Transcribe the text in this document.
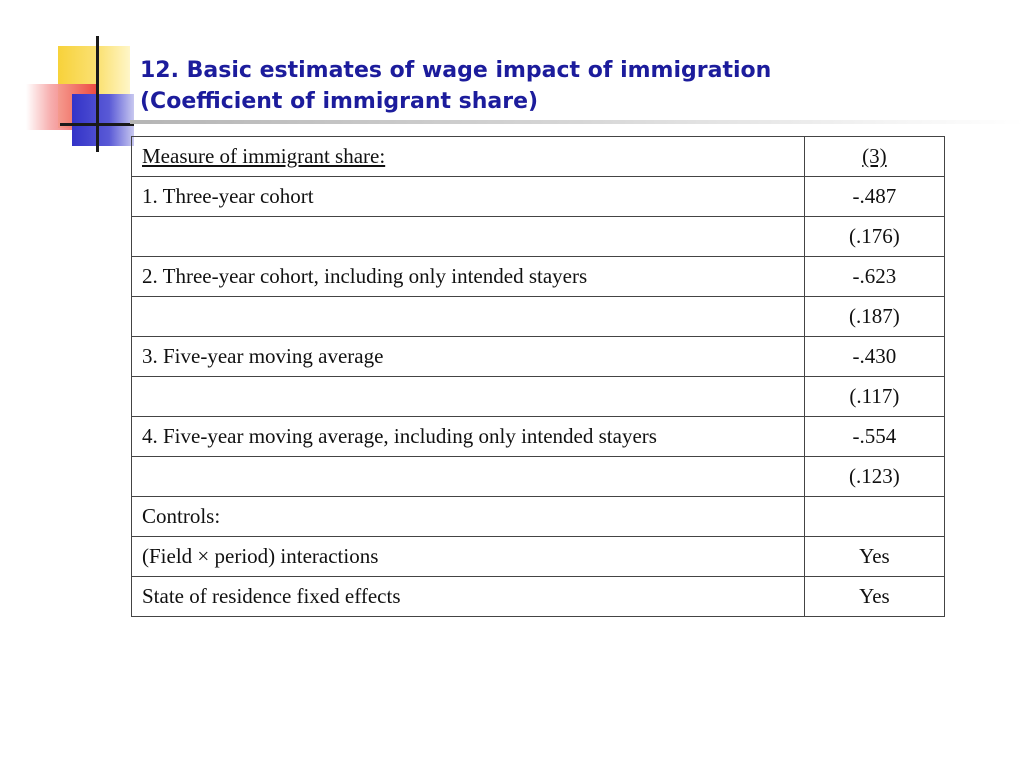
12. Basic estimates of wage impact of immigration
(Coefficient of immigrant share)
Measure of immigrant share:	(3)
1. Three-year cohort	-.487
	(.176)
2. Three-year cohort, including only intended stayers	-.623
	(.187)
3. Five-year moving average	-.430
	(.117)
4. Five-year moving average, including only intended stayers	-.554
	(.123)
Controls:	
(Field × period) interactions	Yes
State of residence fixed effects	Yes
